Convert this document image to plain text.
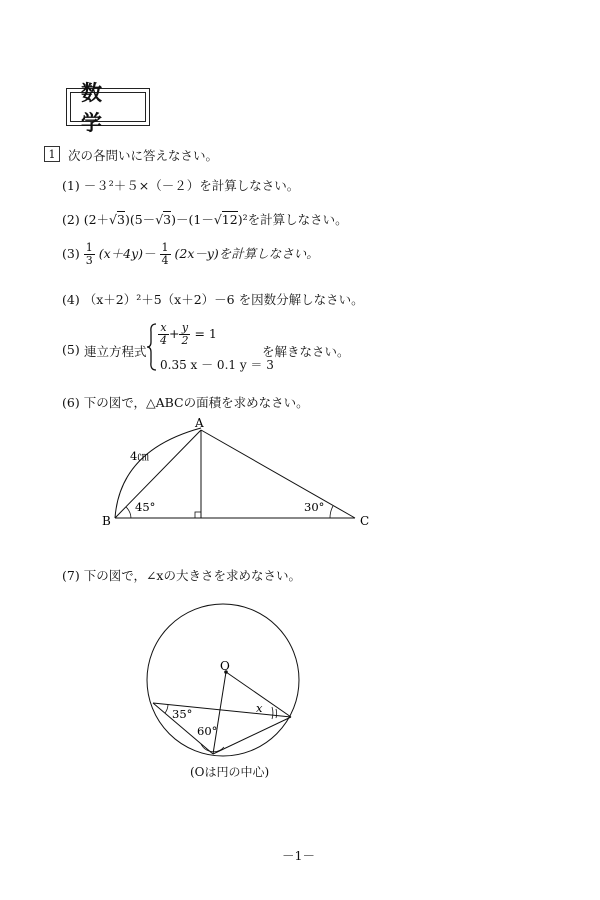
数　学
1	次の各問いに答えなさい。
(1) －３²＋５×（－２）を計算しなさい。
(2) (2＋√3)(5－√3)－(1－√12)²を計算しなさい。
$(3) \frac{1}{3} (x+4y)- \frac{1}{4} (2x-y)$を計算しなさい。
(4) （x＋2）²＋5（x＋2）－6 を因数分解しなさい。
(5) 連立方程式
$\frac{x}{4} + \frac{y}{2} = 1$
0.35 x － 0.1 y ＝ 3
を解きなさい。
(6) 下の図で，△ABCの面積を求めなさい。
A
B	C
4㎝
45°	30°
(7) 下の図で，∠xの大きさを求めなさい。
O
35°
60°
x
(Oは円の中心)
－1－
